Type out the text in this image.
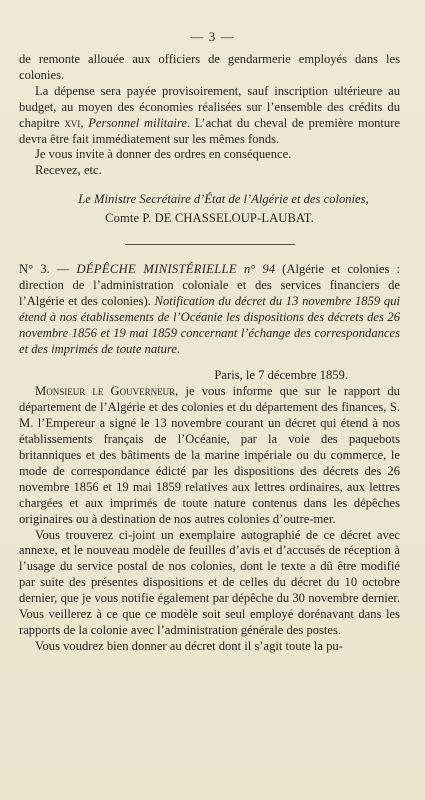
— 3 —

de remonte allouée aux officiers de gendarmerie employés dans les colonies.

La dépense sera payée provisoirement, sauf inscription ultérieure au budget, au moyen des économies réalisées sur l’ensemble des crédits du chapitre xvi, Personnel militaire. L’achat du cheval de première monture devra être fait immédiatement sur les mêmes fonds.

Je vous invite à donner des ordres en conséquence.

Recevez, etc.

Le Ministre Secrétaire d’État de l’Algérie et des colonies,

Comte P. DE CHASSELOUP-LAUBAT.

N° 3. — DÉPÊCHE MINISTÉRIELLE n° 94 (Algérie et colonies : direction de l’administration coloniale et des services financiers de l’Algérie et des colonies). Notification du décret du 13 novembre 1859 qui étend à nos établissements de l’Océanie les dispositions des décrets des 26 novembre 1856 et 19 mai 1859 concernant l’échange des correspondances et des imprimés de toute nature.

Paris, le 7 décembre 1859.

Monsieur le Gouverneur, je vous informe que sur le rapport du département de l’Algérie et des colonies et du département des finances, S. M. l’Empereur a signé le 13 novembre courant un décret qui étend à nos établissements français de l’Océanie, par la voie des paquebots britanniques et des bâtiments de la marine impériale ou du commerce, le mode de correspondance édicté par les dispositions des décrets des 26 novembre 1856 et 19 mai 1859 relatives aux lettres ordinaires, aux lettres chargées et aux imprimés de toute nature contenus dans les dépêches originaires ou à destination de nos autres colonies d’outre-mer.

Vous trouverez ci-joint un exemplaire autographié de ce décret avec annexe, et le nouveau modèle de feuilles d’avis et d’accusés de réception à l’usage du service postal de nos colonies, dont le texte a dû être modifié par suite des présentes dispositions et de celles du décret du 10 octobre dernier, que je vous notifie également par dépêche du 30 novembre dernier. Vous veillerez à ce que ce modèle soit seul employé dorénavant dans les rapports de la colonie avec l’administration générale des postes.

Vous voudrez bien donner au décret dont il s’agit toute la pu-
